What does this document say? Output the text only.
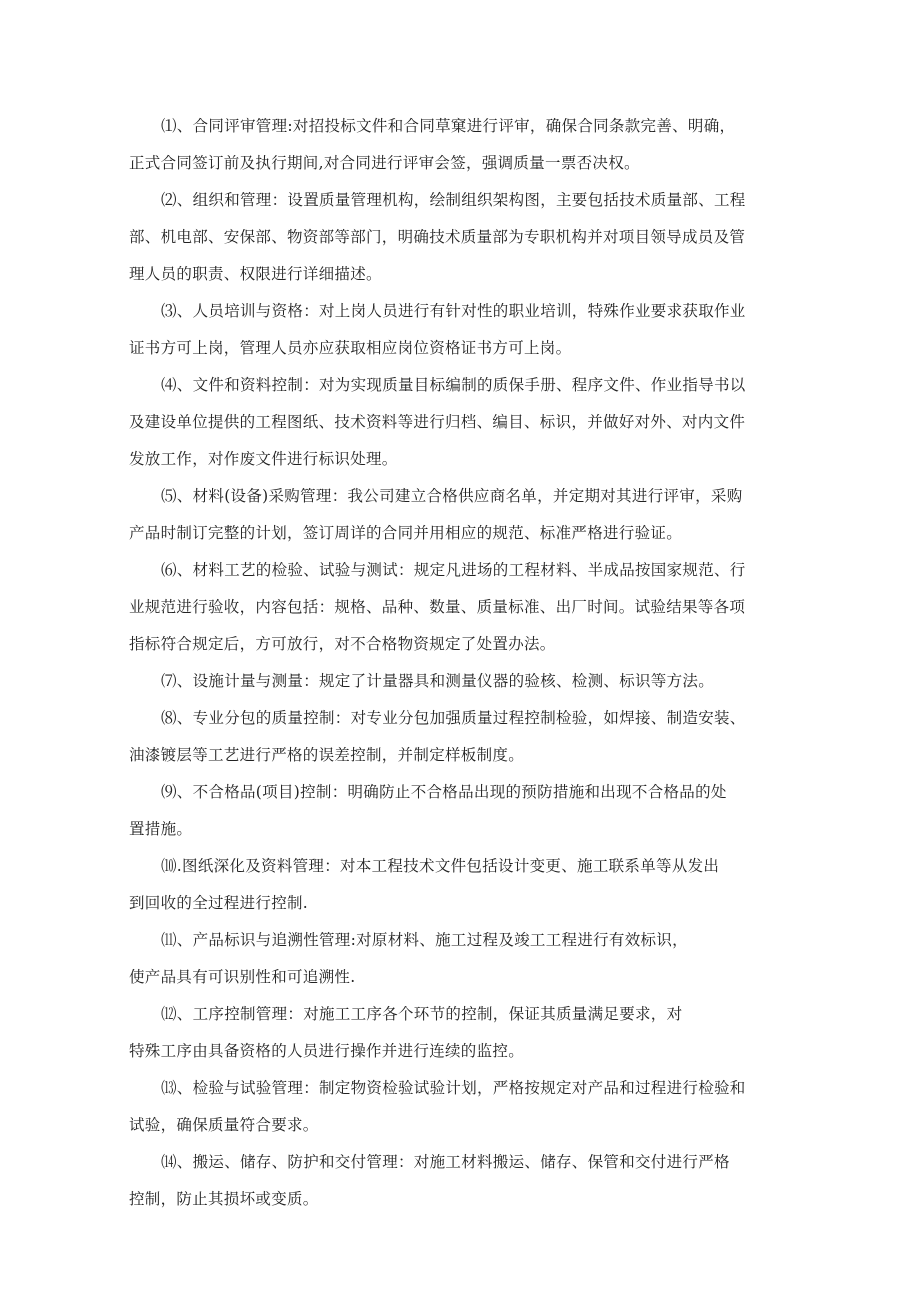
⑴、合同评审管理:对招投标文件和合同草窠进行评审，确保合同条款完善、明确，
正式合同签订前及执行期间,对合同进行评审会签，强调质量一票否决权。

⑵、组织和管理：设置质量管理机构，绘制组织架构图，主要包括技术质量部、工程
部、机电部、安保部、物资部等部门，明确技术质量部为专职机构并对项目领导成员及管
理人员的职责、权限进行详细描述。

⑶、人员培训与资格：对上岗人员进行有针对性的职业培训，特殊作业要求获取作业
证书方可上岗，管理人员亦应获取相应岗位资格证书方可上岗。

⑷、文件和资料控制：对为实现质量目标编制的质保手册、程序文件、作业指导书以
及建设单位提供的工程图纸、技术资料等进行归档、编目、标识，并做好对外、对内文件
发放工作，对作废文件进行标识处理。

⑸、材料(设备)采购管理：我公司建立合格供应商名单，并定期对其进行评审，采购
产品时制订完整的计划，签订周详的合同并用相应的规范、标准严格进行验证。

⑹、材料工艺的检验、试验与测试：规定凡进场的工程材料、半成品按国家规范、行
业规范进行验收，内容包括：规格、品种、数量、质量标准、出厂时间。试验结果等各项
指标符合规定后，方可放行，对不合格物资规定了处置办法。

⑺、设施计量与测量：规定了计量器具和测量仪器的验核、检测、标识等方法。

⑻、专业分包的质量控制：对专业分包加强质量过程控制检验，如焊接、制造安装、
油漆镀层等工艺进行严格的误差控制，并制定样板制度。

⑼、不合格品(项目)控制：明确防止不合格品出现的预防措施和出现不合格品的处
置措施。

⑽.图纸深化及资料管理：对本工程技术文件包括设计变更、施工联系单等从发出
到回收的全过程进行控制.

⑾、产品标识与追溯性管理:对原材料、施工过程及竣工工程进行有效标识，
使产品具有可识别性和可追溯性.

⑿、工序控制管理：对施工工序各个环节的控制，保证其质量满足要求，对
特殊工序由具备资格的人员进行操作并进行连续的监控。

⒀、检验与试验管理：制定物资检验试验计划，严格按规定对产品和过程进行检验和
试验，确保质量符合要求。

⒁、搬运、储存、防护和交付管理：对施工材料搬运、储存、保管和交付进行严格
控制，防止其损坏或变质。
